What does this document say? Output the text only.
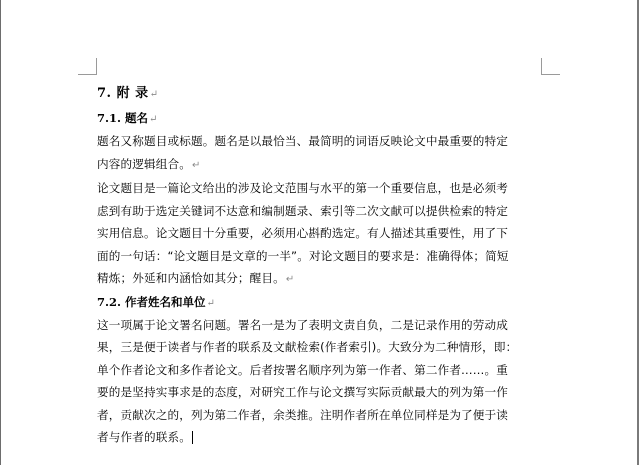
7. 附 录↵
7.1. 题名↵

题名又称题目或标题。题名是以最恰当、最简明的词语反映论文中最重要的特定
内容的逻辑组合。↵

论文题目是一篇论文给出的涉及论文范围与水平的第一个重要信息，也是必须考
虑到有助于选定关键词不达意和编制题录、索引等二次文献可以提供检索的特定
实用信息。论文题目十分重要，必须用心斟酌选定。有人描述其重要性，用了下
面的一句话：“论文题目是文章的一半”。对论文题目的要求是：准确得体；简短
精炼；外延和内涵恰如其分；醒目。↵

7.2. 作者姓名和单位↵

这一项属于论文署名问题。署名一是为了表明文责自负，二是记录作用的劳动成
果，三是便于读者与作者的联系及文献检索(作者索引)。大致分为二种情形，即：
单个作者论文和多作者论文。后者按署名顺序列为第一作者、第二作者……。重
要的是坚持实事求是的态度，对研究工作与论文撰写实际贡献最大的列为第一作
者，贡献次之的，列为第二作者，余类推。注明作者所在单位同样是为了便于读
者与作者的联系。
